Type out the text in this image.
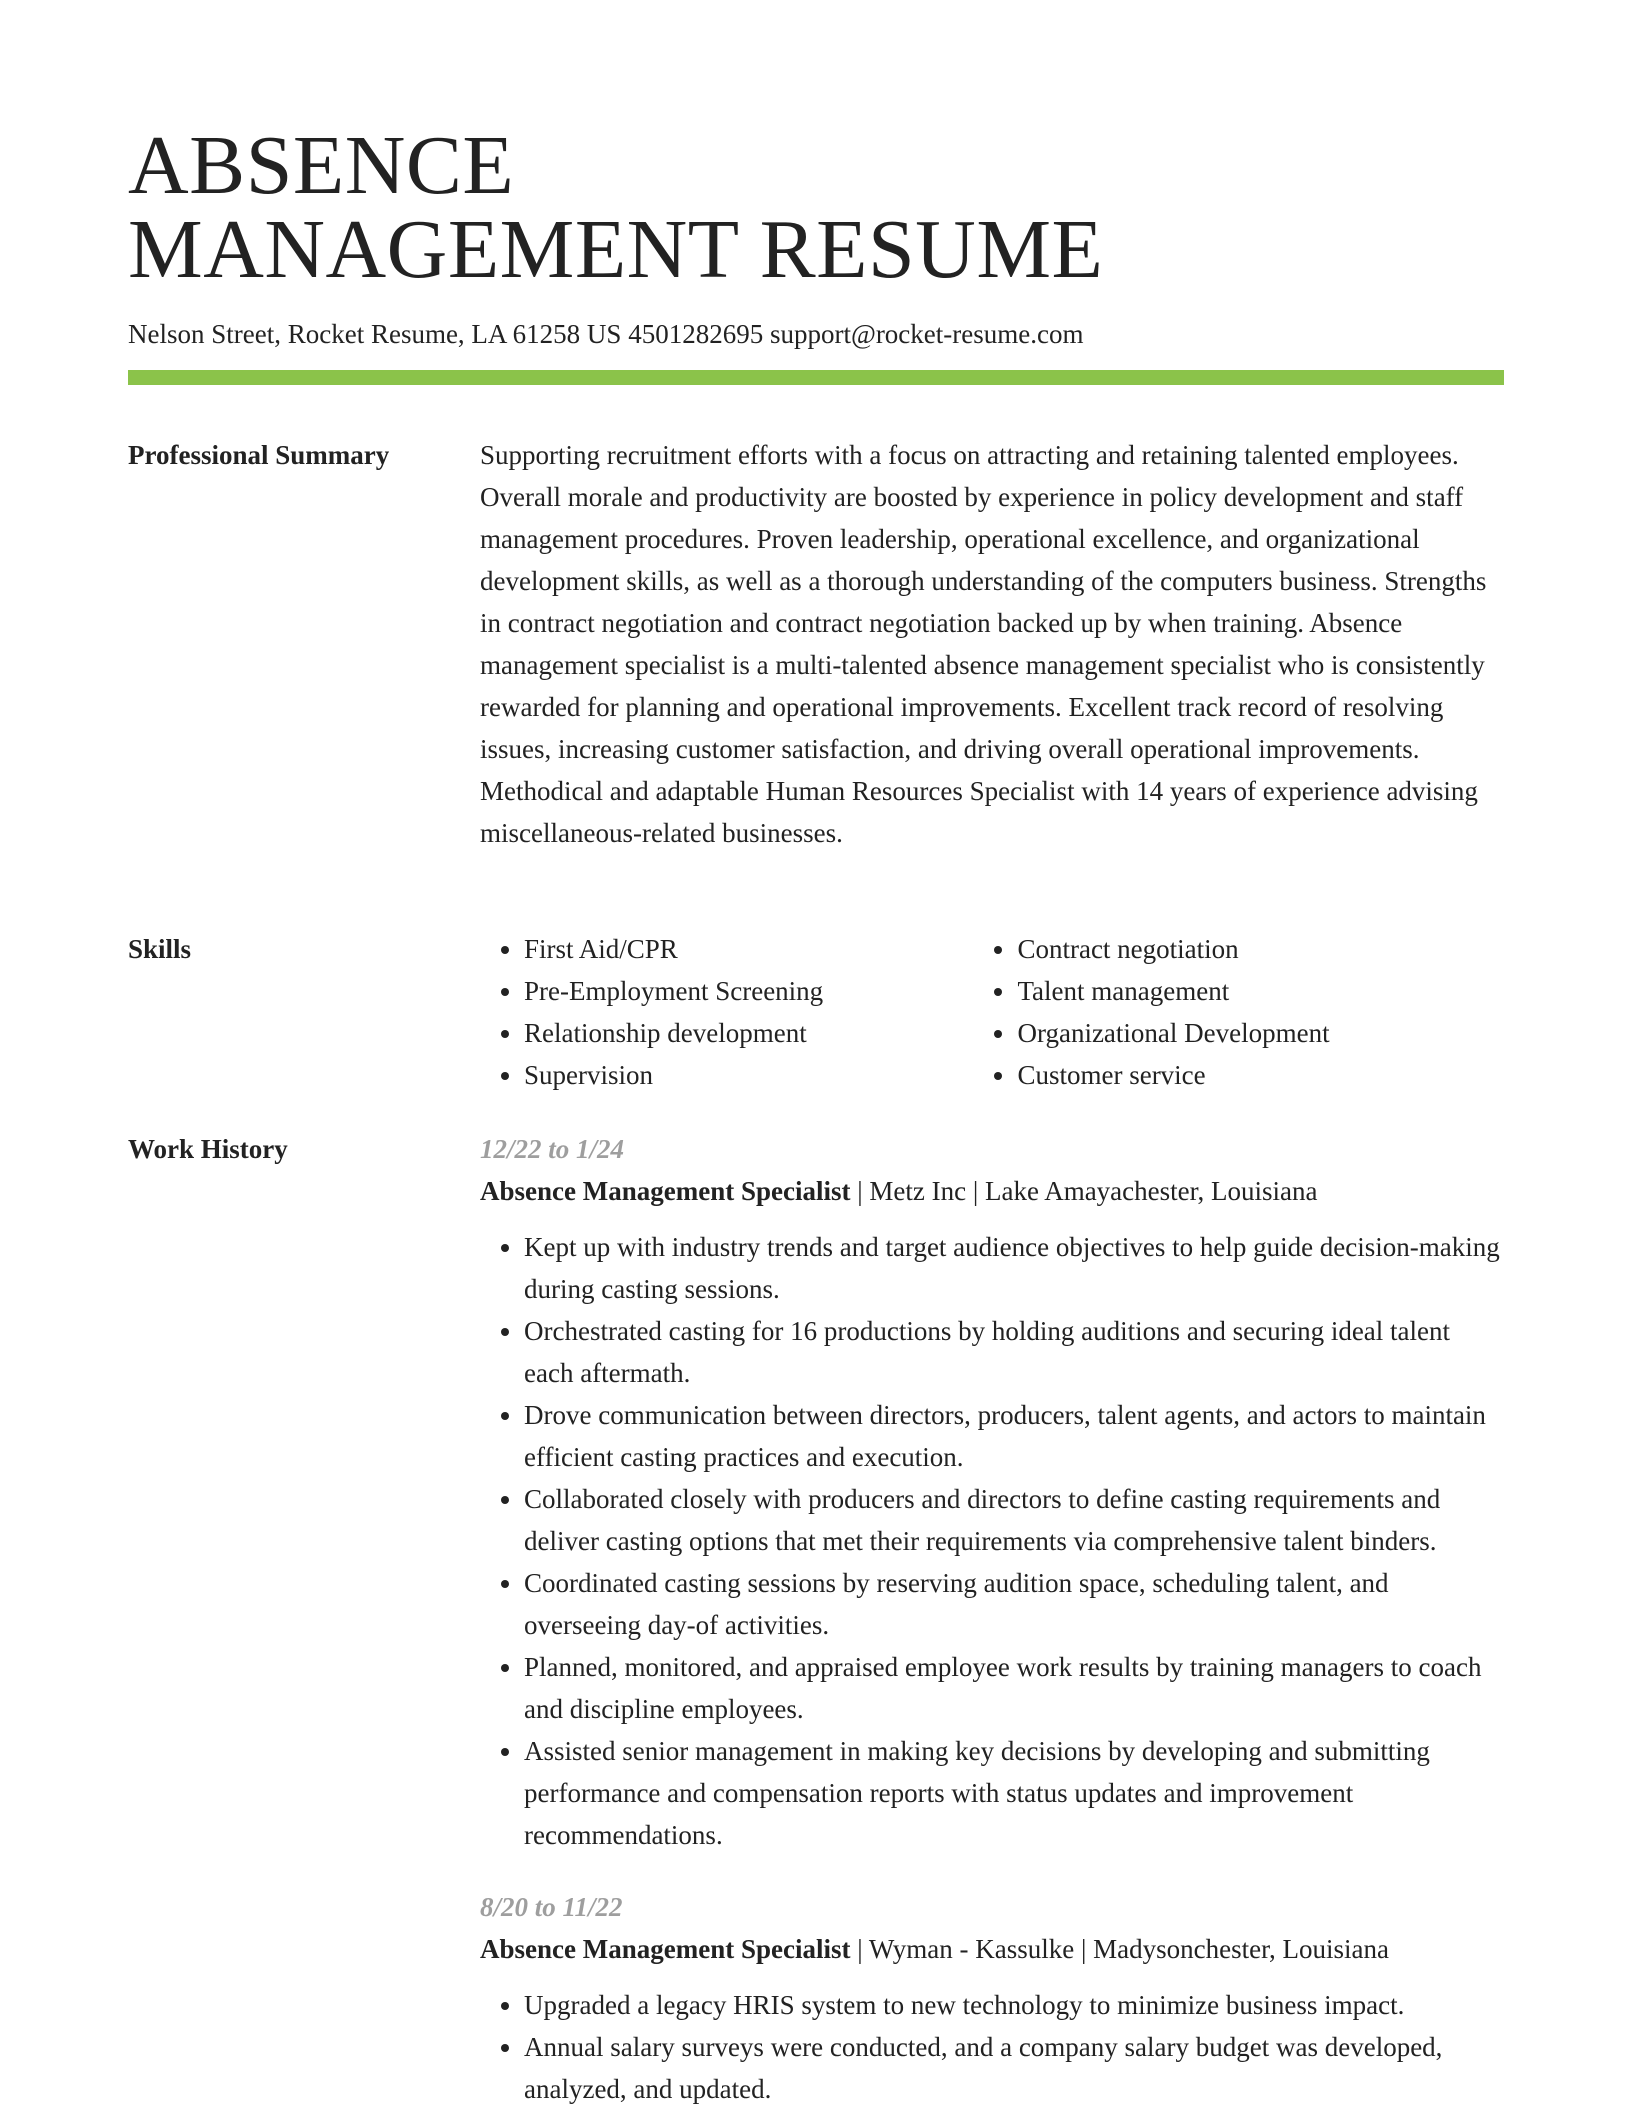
ABSENCE
MANAGEMENT RESUME
Nelson Street, Rocket Resume, LA 61258 US 4501282695 support@rocket-resume.com
Professional Summary	Supporting recruitment efforts with a focus on attracting and retaining talented employees. Overall morale and productivity are boosted by experience in policy development and staff management procedures. Proven leadership, operational excellence, and organizational development skills, as well as a thorough understanding of the computers business. Strengths in contract negotiation and contract negotiation backed up by when training. Absence management specialist is a multi-talented absence management specialist who is consistently rewarded for planning and operational improvements. Excellent track record of resolving issues, increasing customer satisfaction, and driving overall operational improvements. Methodical and adaptable Human Resources Specialist with 14 years of experience advising miscellaneous-related businesses.

Skills
•	First Aid/CPR
• Pre-Employment Screening
• Relationship development
• Supervision
• Contract negotiation
• Talent management
• Organizational Development
• Customer service
Work History	12/22 to 1/24
Absence Management Specialist | Metz Inc | Lake Amayachester, Louisiana
• Kept up with industry trends and target audience objectives to help guide decision-making during casting sessions.
• Orchestrated casting for 16 productions by holding auditions and securing ideal talent each aftermath.
• Drove communication between directors, producers, talent agents, and actors to maintain efficient casting practices and execution.
• Collaborated closely with producers and directors to define casting requirements and deliver casting options that met their requirements via comprehensive talent binders.
• Coordinated casting sessions by reserving audition space, scheduling talent, and overseeing day-of activities.
• Planned, monitored, and appraised employee work results by training managers to coach and discipline employees.
• Assisted senior management in making key decisions by developing and submitting performance and compensation reports with status updates and improvement recommendations.
8/20 to 11/22
Absence Management Specialist | Wyman - Kassulke | Madysonchester, Louisiana
• Upgraded a legacy HRIS system to new technology to minimize business impact.
• Annual salary surveys were conducted, and a company salary budget was developed, analyzed, and updated.
